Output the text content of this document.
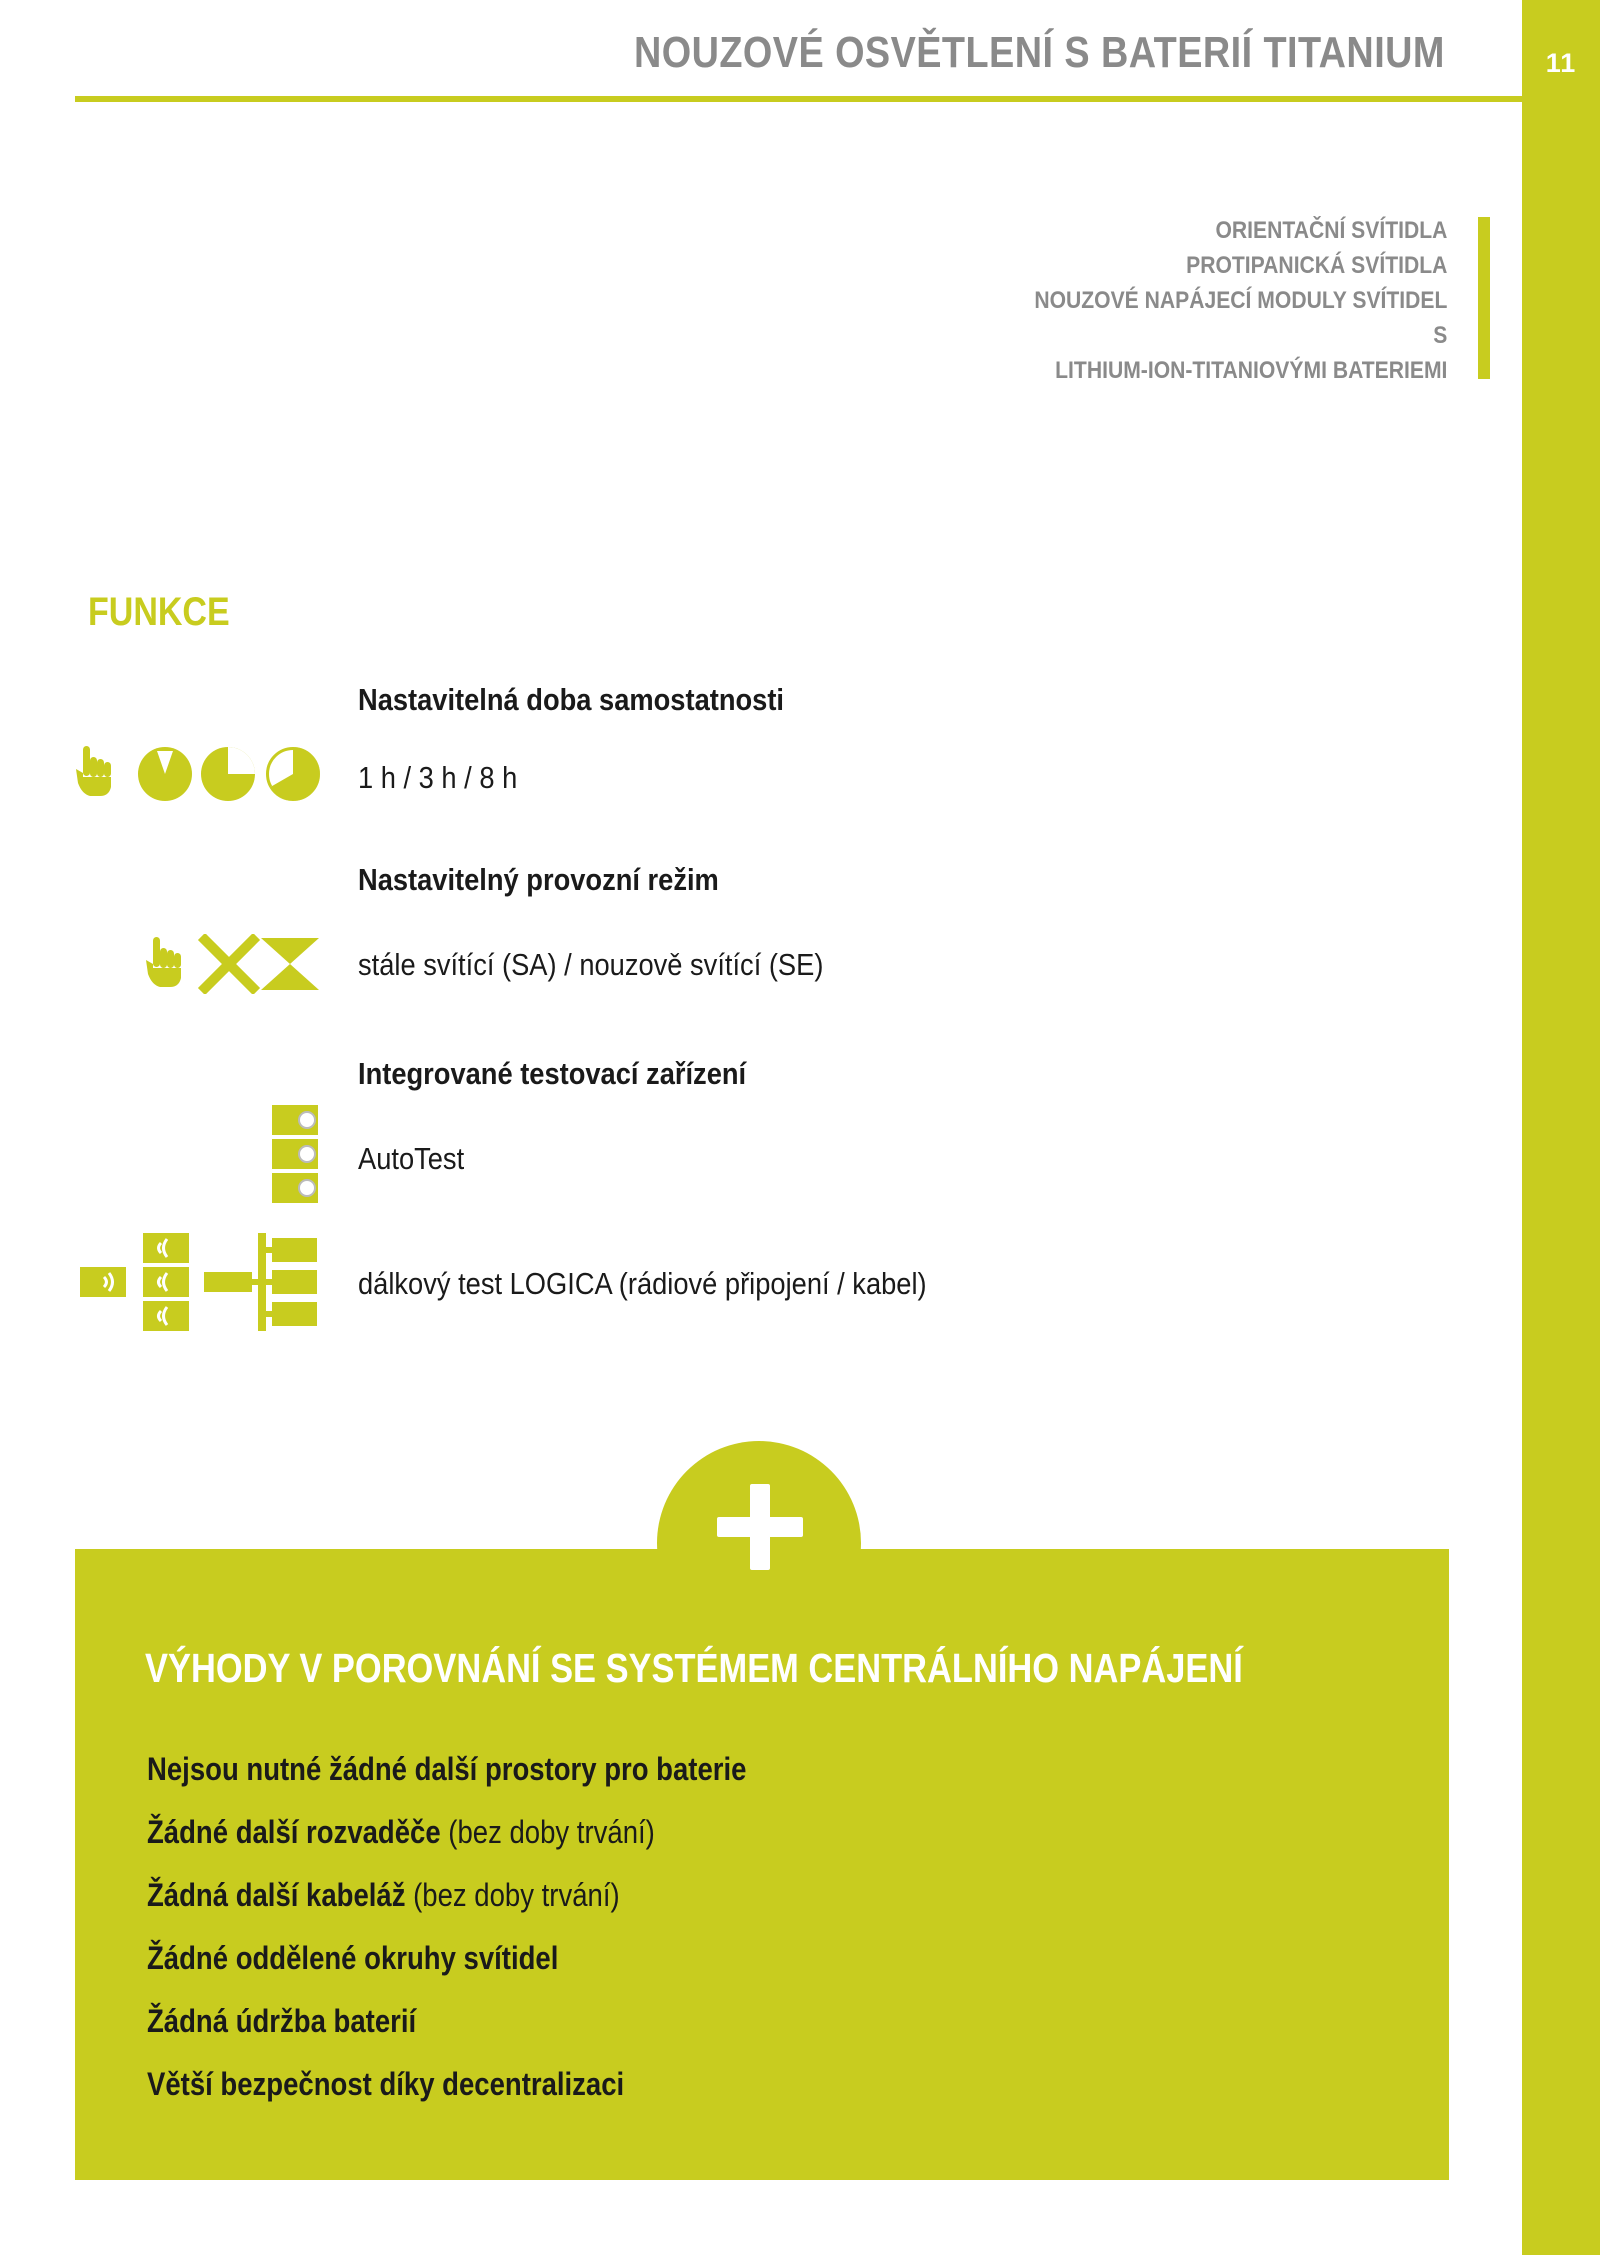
11
NOUZOVÉ OSVĚTLENÍ S BATERIÍ TITANIUM
ORIENTAČNÍ SVÍTIDLA
PROTIPANICKÁ SVÍTIDLA
NOUZOVÉ NAPÁJECÍ MODULY SVÍTIDEL
S
LITHIUM-ION-TITANIOVÝMI BATERIEMI
FUNKCE
Nastavitelná doba samostatnosti
1 h / 3 h / 8 h
Nastavitelný provozní režim
stále svítící (SA) / nouzově svítící (SE)
Integrované testovací zařízení
AutoTest
dálkový test LOGICA (rádiové připojení / kabel)
VÝHODY V POROVNÁNÍ SE SYSTÉMEM CENTRÁLNÍHO NAPÁJENÍ
Nejsou nutné žádné další prostory pro baterie
Žádné další rozvaděče (bez doby trvání)
Žádná další kabeláž (bez doby trvání)
Žádné oddělené okruhy svítidel
Žádná údržba baterií
Větší bezpečnost díky decentralizaci
